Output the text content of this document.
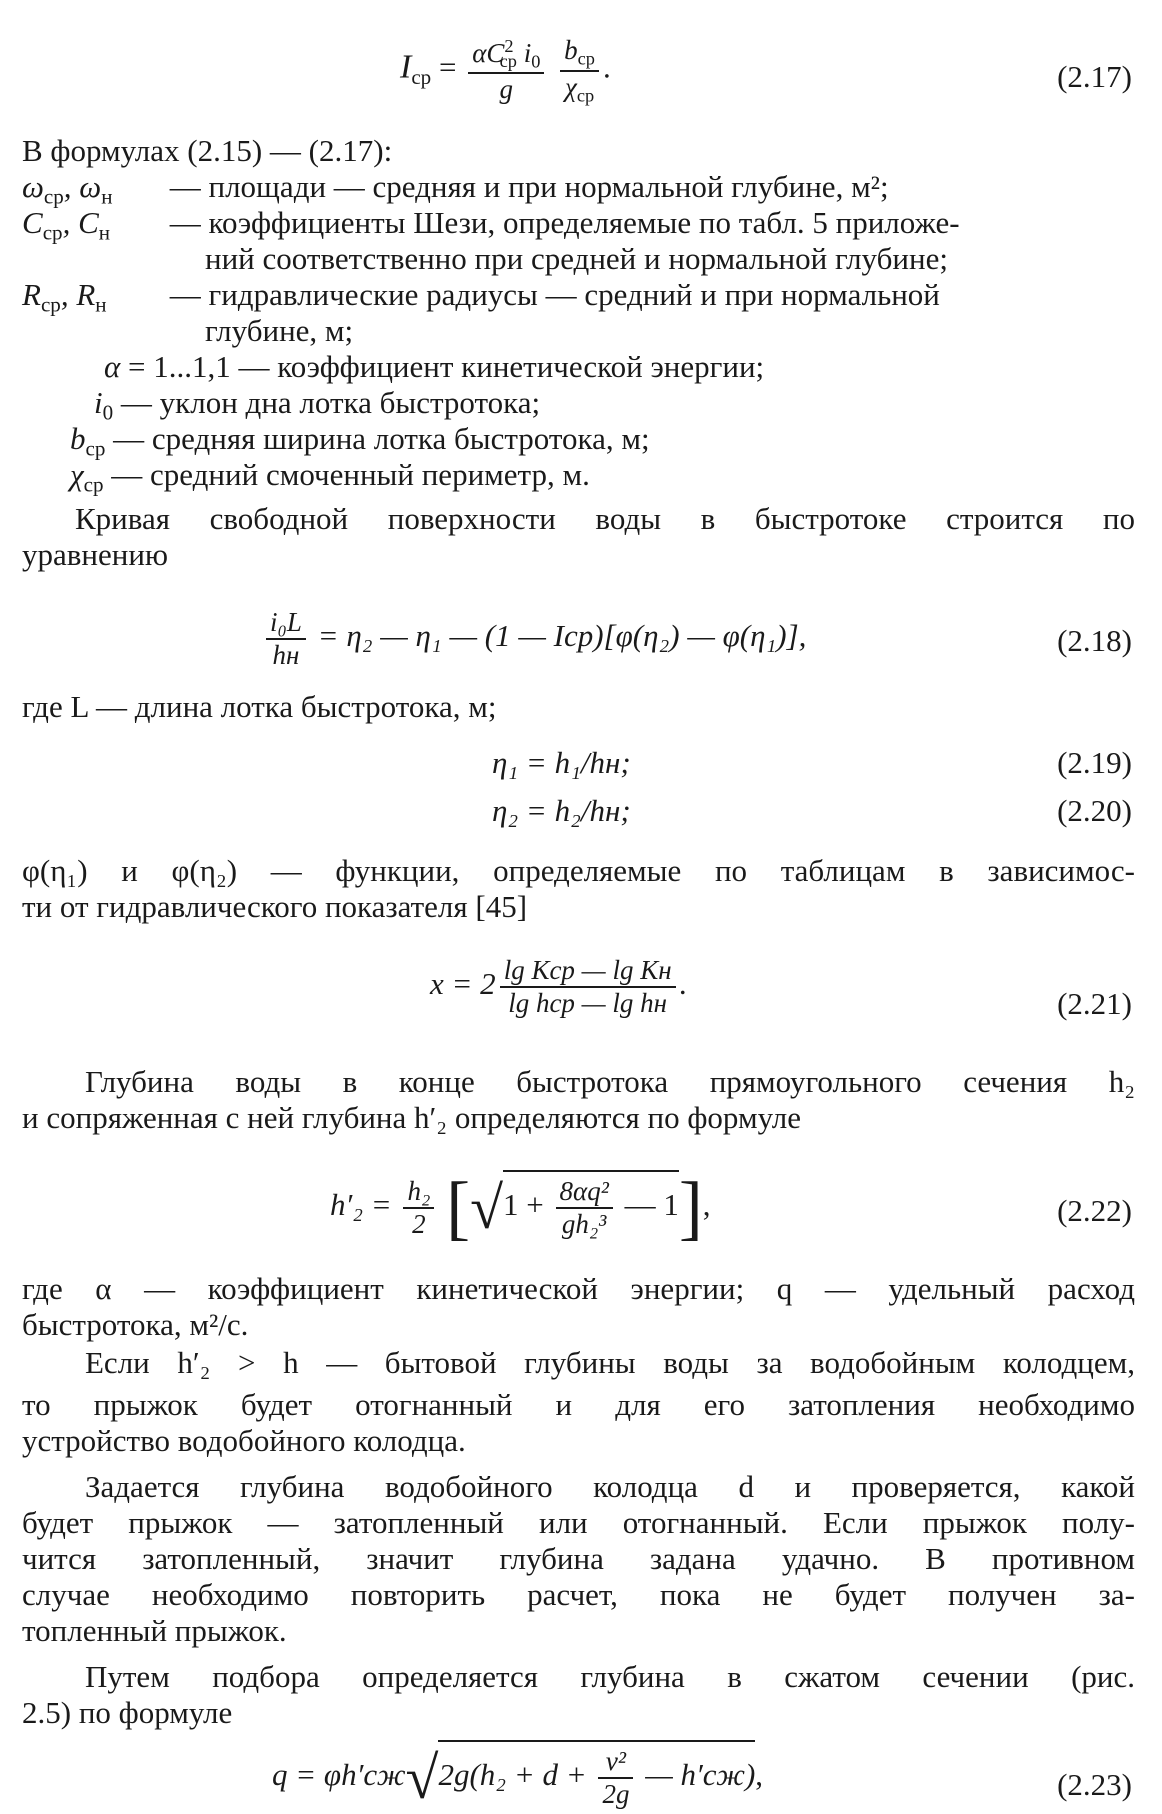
$I_{ср} = \frac{\alpha C^2_{ср} i_0}{g}$
$\frac{b_{ср}}{\chi_{ср}}$ .	(2.17)
В формулах (2.15) — (2.17):
$\omega_{ср}$, $\omega_н$ — площади — средняя и при нормальной глубине, м²;
$C_{ср}$, $C_н$ — коэффициенты Шези, определяемые по табл. 5 приложе-
ний соответственно при средней и нормальной глубине;
$R_{ср}$, $R_н$ — гидравлические радиусы — средний и при нормальной
глубине, м;
α = 1...1,1 — коэффициент кинетической энергии;
$i_0$ — уклон дна лотка быстротока;
$b_{ср}$ — средняя ширина лотка быстротока, м;
$\chi_{ср}$ — средний смоченный периметр, м.
Кривая свободной поверхности воды в быстротоке строится по
уравнению
$\frac{\text{i₀L}}{hн} = \eta_2$ — η₁ — (1 — Iср)[φ(η₂) — φ(η₁)],	(2.18)
где L — длина лотка быстротока, м;
η₁ = h₁/hн;	(2.19)
η₂ = h₂/hн;	(2.20)
φ(η₁) и φ(η₂) — функции, определяемые по таблицам в зависимос-
ти от гидравлического показателя [45]
$x = 2 \frac{\text{lg Kср — lg Kн}}{\text{lg hср — lg hн}}$ .
(2.21)
Глубина воды в конце быстротока прямоугольного сечения h₂
и сопряженная с ней глубина h′₂ определяются по формуле
$h'_2 = \frac{\text{h₂}}{2} [√1 + \frac{\text{8αq²}}{\text{gh₂³}}$ — 1],	(2.22)
где α — коэффициент кинетической энергии; q — удельный расход
быстротока, м²/с.
Если h′₂ > h — бытовой глубины воды за водобойным колодцем,
то прыжок будет отогнанный и для его затопления необходимо
устройство водобойного колодца.
Задается глубина водобойного колодца d и проверяется, какой
будет прыжок — затопленный или отогнанный. Если прыжок полу-
чится затопленный, значит глубина задана удачно. В противном
случае необходимо повторить расчет, пока не будет получен за-
топленный прыжок.
Путем подбора определяется глубина в сжатом сечении (рис.
2.5) по формуле
$q = \varphi h'сж√2g(h_2 + d + \frac{\text{v²}}{2g}$ — h′сж),	(2.23)
